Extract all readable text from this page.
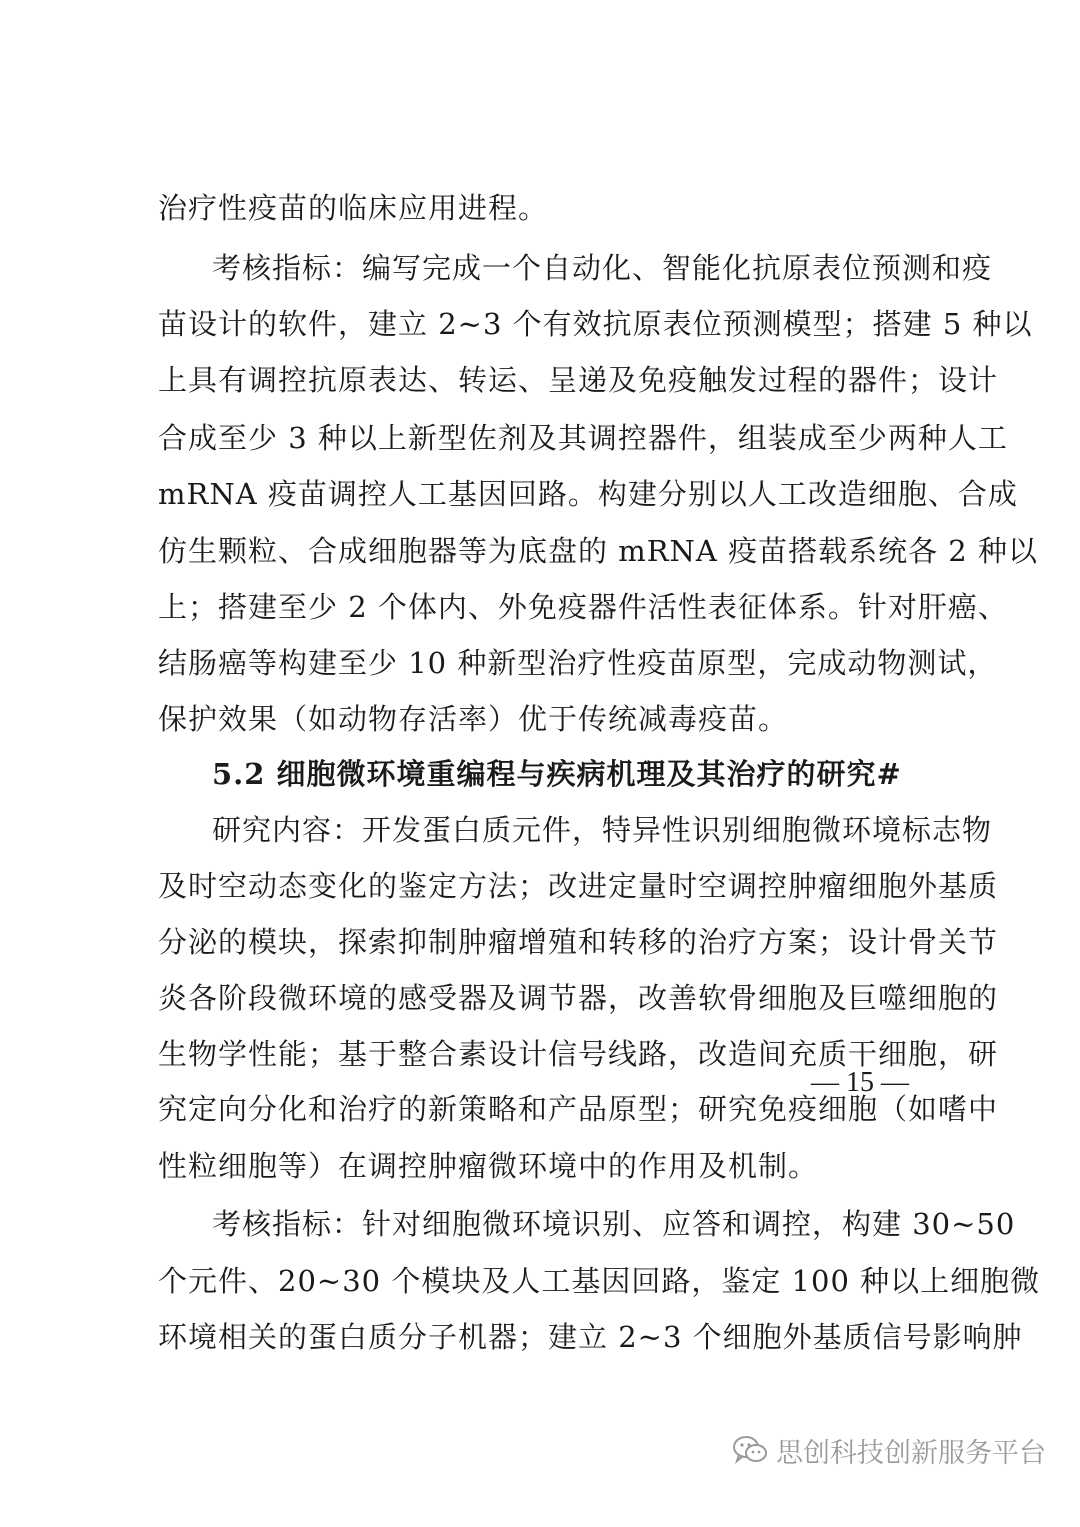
治疗性疫苗的临床应用进程。
考核指标：编写完成一个自动化、智能化抗原表位预测和疫
苗设计的软件，建立 2~3 个有效抗原表位预测模型；搭建 5 种以
上具有调控抗原表达、转运、呈递及免疫触发过程的器件；设计
合成至少 3 种以上新型佐剂及其调控器件，组装成至少两种人工
mRNA 疫苗调控人工基因回路。构建分别以人工改造细胞、合成
仿生颗粒、合成细胞器等为底盘的 mRNA 疫苗搭载系统各 2 种以
上；搭建至少 2 个体内、外免疫器件活性表征体系。针对肝癌、
结肠癌等构建至少 10 种新型治疗性疫苗原型，完成动物测试，
保护效果（如动物存活率）优于传统减毒疫苗。
5.2 细胞微环境重编程与疾病机理及其治疗的研究#
研究内容：开发蛋白质元件，特异性识别细胞微环境标志物
及时空动态变化的鉴定方法；改进定量时空调控肿瘤细胞外基质
分泌的模块，探索抑制肿瘤增殖和转移的治疗方案；设计骨关节
炎各阶段微环境的感受器及调节器，改善软骨细胞及巨噬细胞的
生物学性能；基于整合素设计信号线路，改造间充质干细胞，研
究定向分化和治疗的新策略和产品原型；研究免疫细胞（如嗜中
性粒细胞等）在调控肿瘤微环境中的作用及机制。
考核指标：针对细胞微环境识别、应答和调控，构建 30~50
个元件、20~30 个模块及人工基因回路，鉴定 100 种以上细胞微
环境相关的蛋白质分子机器；建立 2~3 个细胞外基质信号影响肿
— 15 —
思创科技创新服务平台
